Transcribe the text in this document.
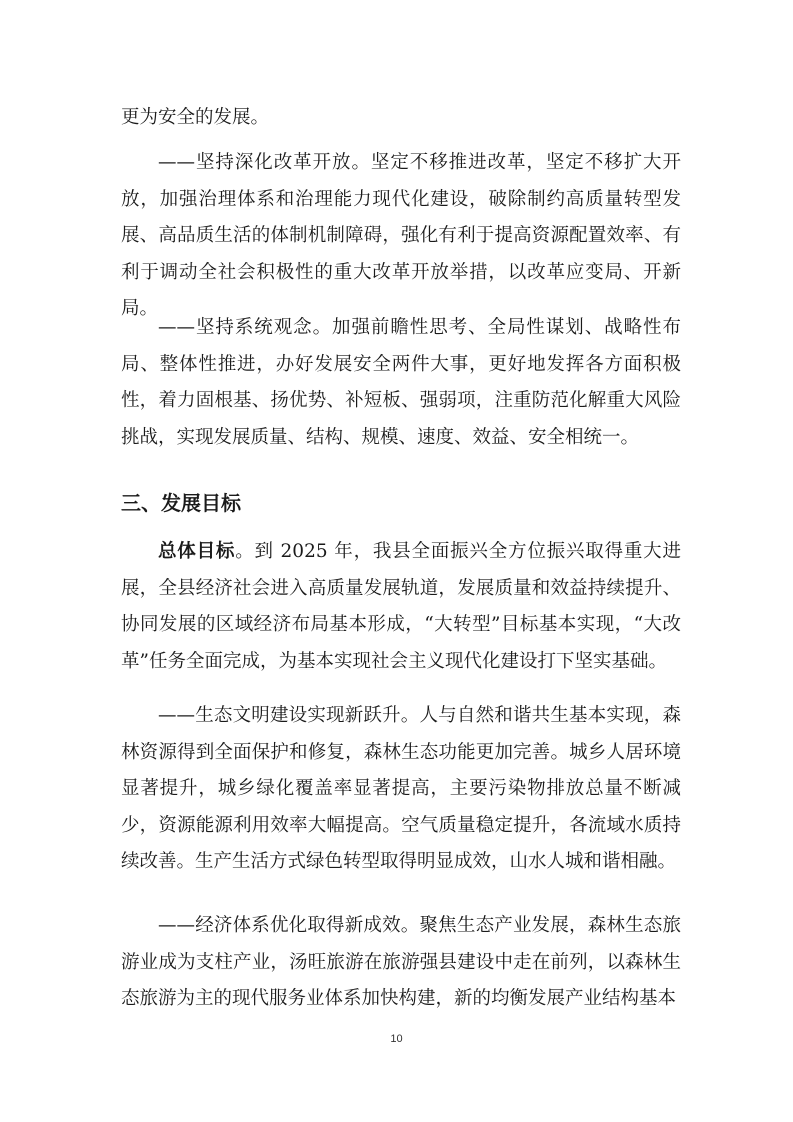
更为安全的发展。

——坚持深化改革开放。坚定不移推进改革，坚定不移扩大开放，加强治理体系和治理能力现代化建设，破除制约高质量转型发展、高品质生活的体制机制障碍，强化有利于提高资源配置效率、有利于调动全社会积极性的重大改革开放举措，以改革应变局、开新局。

——坚持系统观念。加强前瞻性思考、全局性谋划、战略性布局、整体性推进，办好发展安全两件大事，更好地发挥各方面积极性，着力固根基、扬优势、补短板、强弱项，注重防范化解重大风险挑战，实现发展质量、结构、规模、速度、效益、安全相统一。

三、发展目标

总体目标。到 2025 年，我县全面振兴全方位振兴取得重大进展，全县经济社会进入高质量发展轨道，发展质量和效益持续提升、协同发展的区域经济布局基本形成，“大转型”目标基本实现，“大改革”任务全面完成，为基本实现社会主义现代化建设打下坚实基础。

——生态文明建设实现新跃升。人与自然和谐共生基本实现，森林资源得到全面保护和修复，森林生态功能更加完善。城乡人居环境显著提升，城乡绿化覆盖率显著提高，主要污染物排放总量不断减少，资源能源利用效率大幅提高。空气质量稳定提升，各流域水质持续改善。生产生活方式绿色转型取得明显成效，山水人城和谐相融。

——经济体系优化取得新成效。聚焦生态产业发展，森林生态旅游业成为支柱产业，汤旺旅游在旅游强县建设中走在前列，以森林生态旅游为主的现代服务业体系加快构建，新的均衡发展产业结构基本

10
